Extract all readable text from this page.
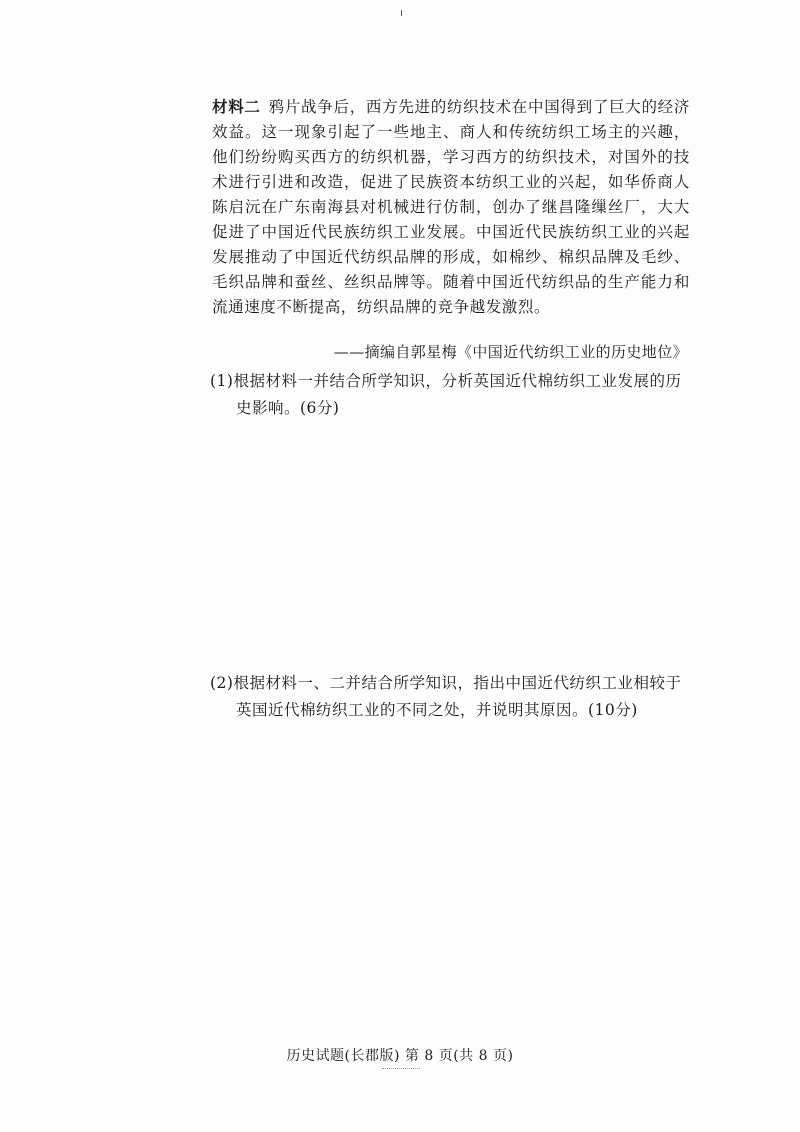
材料二 鸦片战争后，西方先进的纺织技术在中国得到了巨大的经济效益。这一现象引起了一些地主、商人和传统纺织工场主的兴趣，他们纷纷购买西方的纺织机器，学习西方的纺织技术，对国外的技术进行引进和改造，促进了民族资本纺织工业的兴起，如华侨商人陈启沅在广东南海县对机械进行仿制，创办了继昌隆缫丝厂，大大促进了中国近代民族纺织工业发展。中国近代民族纺织工业的兴起发展推动了中国近代纺织品牌的形成，如棉纱、棉织品牌及毛纱、毛织品牌和蚕丝、丝织品牌等。随着中国近代纺织品的生产能力和流通速度不断提高，纺织品牌的竞争越发激烈。

——摘编自郭星梅《中国近代纺织工业的历史地位》
(1)根据材料一并结合所学知识，分析英国近代棉纺织工业发展的历史影响。(6分)
(2)根据材料一、二并结合所学知识，指出中国近代纺织工业相较于英国近代棉纺织工业的不同之处，并说明其原因。(10分)
历史试题(长郡版) 第 8 页(共 8 页)
